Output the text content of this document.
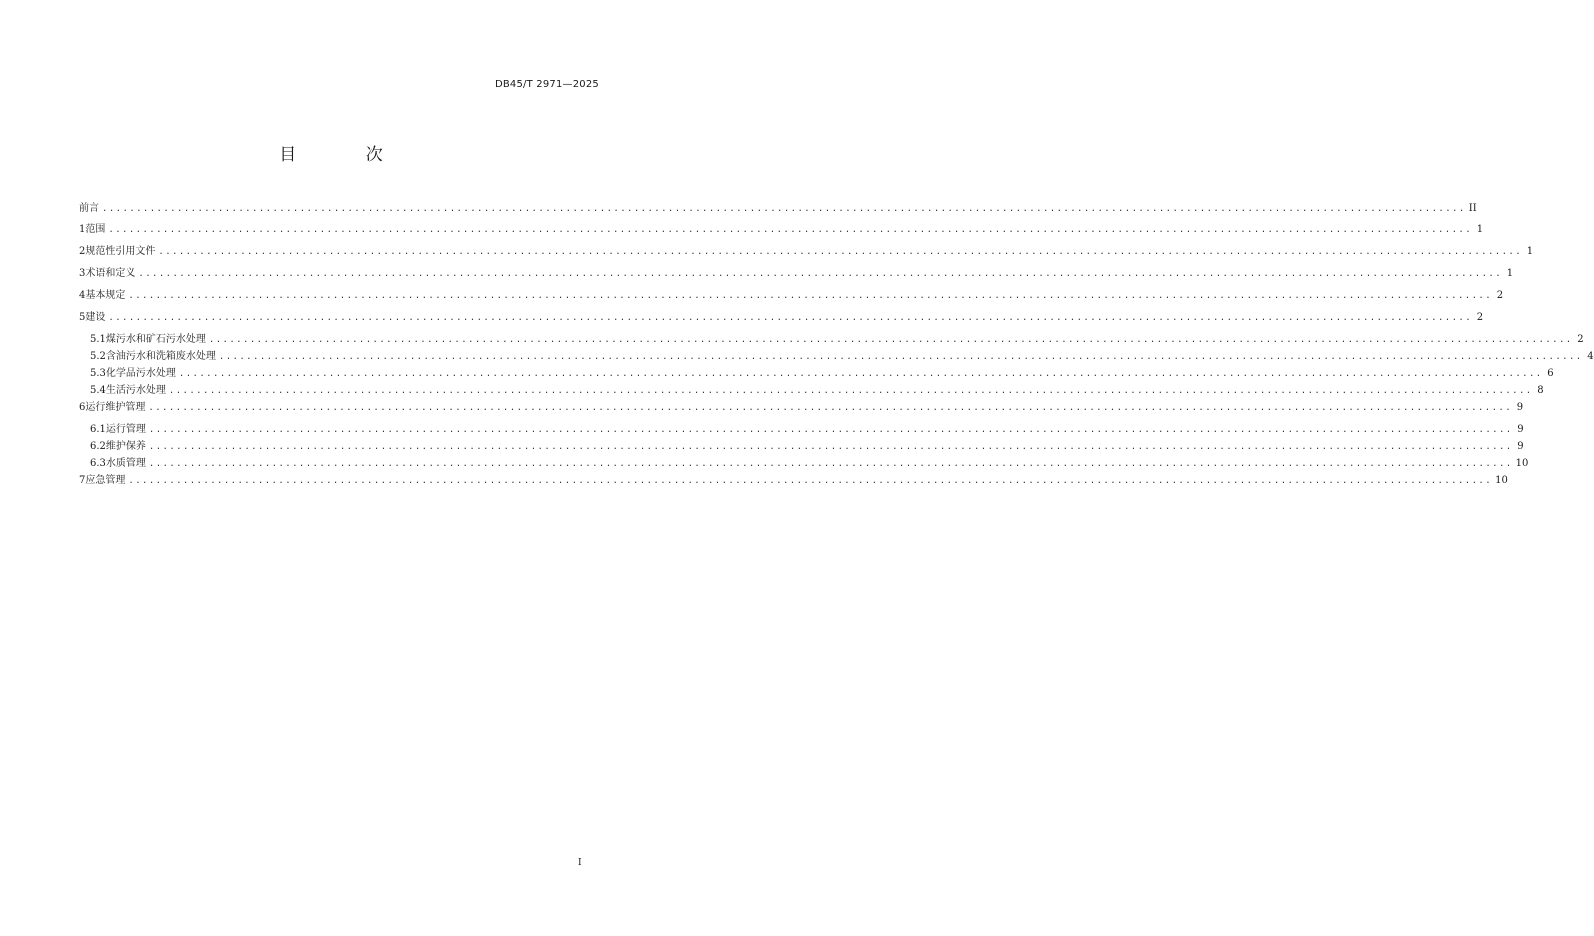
DB45/T 2971—2025
目 次
前言 ........................................................................................................................................................................................................ II
1 范围 ........................................................................................................................................................................................................ 1
2 规范性引用文件 ........................................................................................................................................................................................................ 1
3 术语和定义 ........................................................................................................................................................................................................ 1
4 基本规定 ........................................................................................................................................................................................................ 2
5 建设 ........................................................................................................................................................................................................ 2
5.1 煤污水和矿石污水处理 ........................................................................................................................................................................................................ 2
5.2 含油污水和洗箱废水处理 ........................................................................................................................................................................................................ 4
5.3 化学品污水处理 ........................................................................................................................................................................................................ 6
5.4 生活污水处理 ........................................................................................................................................................................................................ 8
6 运行维护管理 ........................................................................................................................................................................................................ 9
6.1 运行管理 ........................................................................................................................................................................................................ 9
6.2 维护保养 ........................................................................................................................................................................................................ 9
6.3 水质管理 ........................................................................................................................................................................................................ 10
7 应急管理 ........................................................................................................................................................................................................ 10
I
